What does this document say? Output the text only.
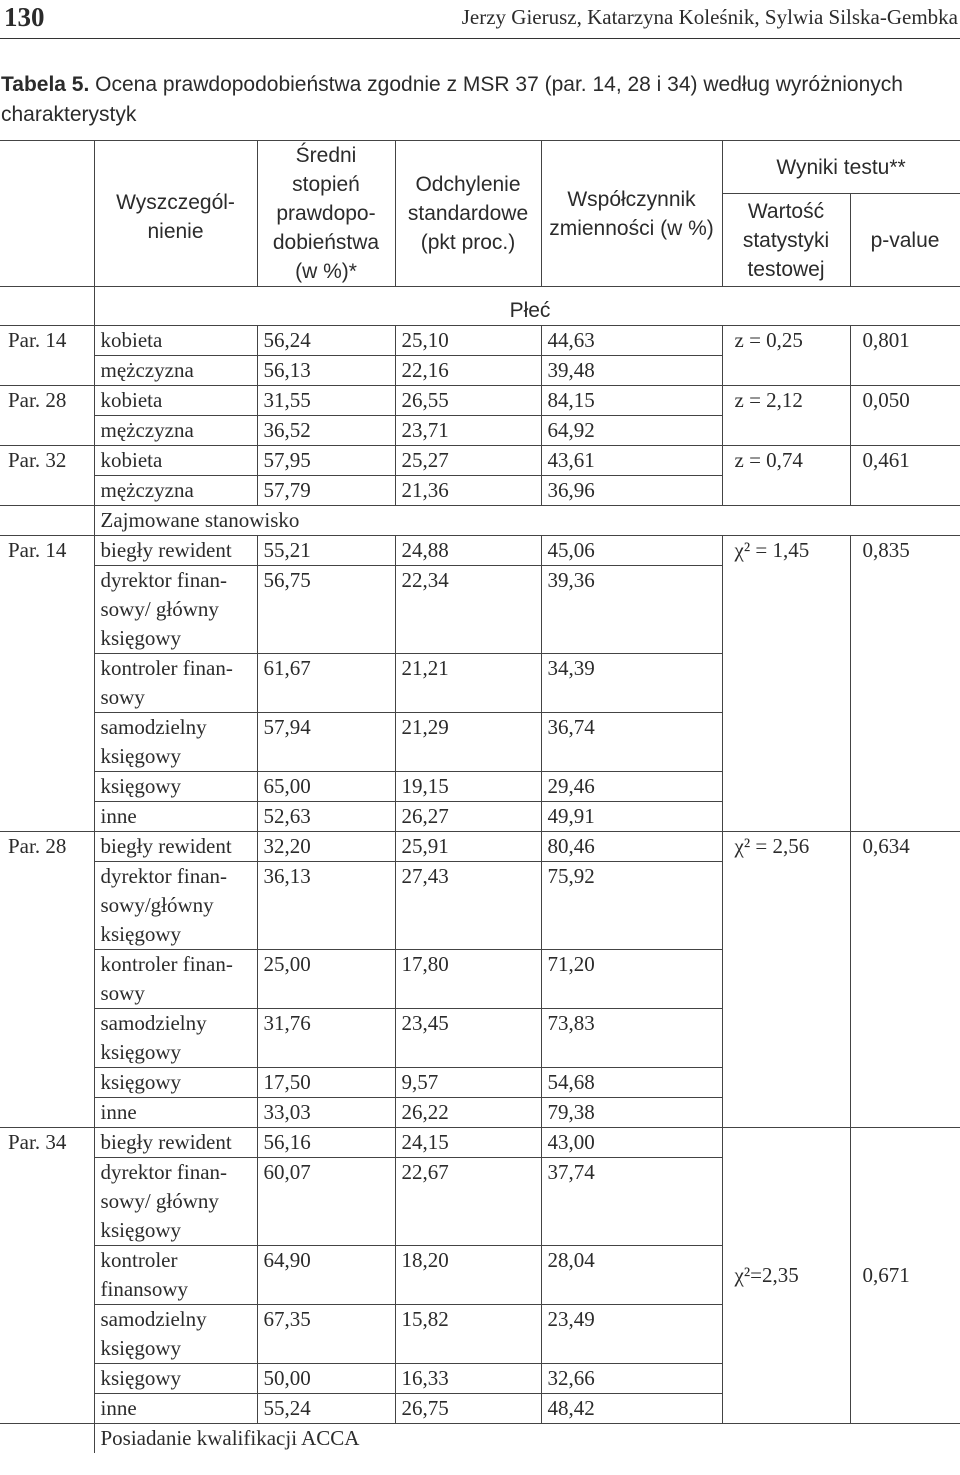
130	Jerzy Gierusz, Katarzyna Koleśnik, Sylwia Silska-Gembka
Tabela 5. Ocena prawdopodobieństwa zgodnie z MSR 37 (par. 14, 28 i 34) według wyróżnionych charakterystyk
	Wyszczegól-nienie	Średni stopień prawdopo-dobieństwa (w %)*	Odchylenie standardowe (pkt proc.)	Współczynnik zmienności (w %)	Wyniki testu**	
					Wartość statystyki testowej	p-value
	Płeć					
Par. 14	kobieta	56,24	25,10	44,63	z = 0,25	0,801
	mężczyzna	56,13	22,16	39,48		
Par. 28	kobieta	31,55	26,55	84,15	z = 2,12	0,050
	mężczyzna	36,52	23,71	64,92		
Par. 32	kobieta	57,95	25,27	43,61	z = 0,74	0,461
	mężczyzna	57,79	21,36	36,96		
	Zajmowane stanowisko					
Par. 14	biegły rewident	55,21	24,88	45,06	χ² = 1,45	0,835
	dyrektor finan-sowy/ główny księgowy	56,75	22,34	39,36		
	kontroler finan-sowy	61,67	21,21	34,39		
	samodzielny księgowy	57,94	21,29	36,74		
	księgowy	65,00	19,15	29,46		
	inne	52,63	26,27	49,91		
Par. 28	biegły rewident	32,20	25,91	80,46	χ² = 2,56	0,634
	dyrektor finan-sowy/główny księgowy	36,13	27,43	75,92		
	kontroler finan-sowy	25,00	17,80	71,20		
	samodzielny księgowy	31,76	23,45	73,83		
	księgowy	17,50	9,57	54,68		
	inne	33,03	26,22	79,38		
Par. 34	biegły rewident	56,16	24,15	43,00	χ²=2,35	0,671
	dyrektor finan-sowy/ główny księgowy	60,07	22,67	37,74		
	kontroler finansowy	64,90	18,20	28,04		
	samodzielny księgowy	67,35	15,82	23,49		
	księgowy	50,00	16,33	32,66		
	inne	55,24	26,75	48,42		
	Posiadanie kwalifikacji ACCA					
